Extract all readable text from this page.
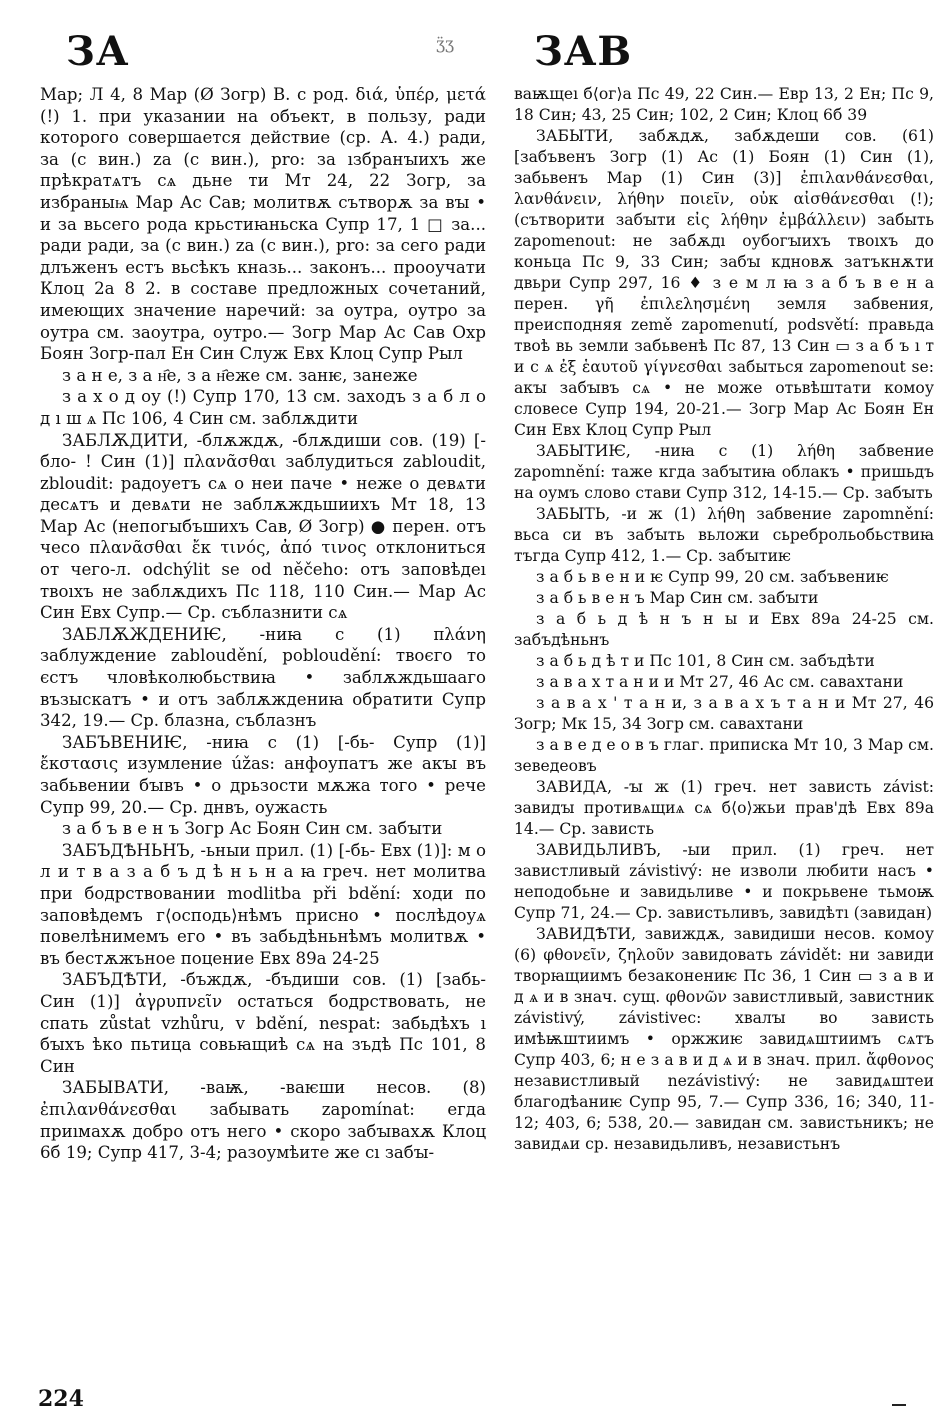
ЗА	ʒ̈ʒ ЗАВ

Мар; Л 4, 8 Мар (Ø Зогр) В. с род. διά, ὑπέρ, μετά (!) 1. при указании на объект, в пользу, ради которого совершается действие (ср. А. 4.) ради, за (с вин.) za (с вин.), pro: за ıзбранꙑихъ же прѣкратѧтъ сѧ дьне ти Мт 24, 22 Зогр, за избраныѩ Мар Ас Сав; молитвѫ сътворѫ за вꙑ • и за вьсего рода крьстиꙗньска Супр 17, 1 □ за... ради ради, за (с вин.) za (с вин.), pro: за сего ради длъженъ естъ вьсѣкъ кназь... законъ... прооучати Клоц 2а 8 2. в составе предложных сочетаний, имеющих значение наречий: за оутра, оутро за оутра см. заоутра, оутро.— Зогр Мар Ас Сав Охр Боян Зогр-пал Ен Син Служ Евх Клоц Супр Рыл

з а н е, з а н҄е, з а н҄еже см. занѥ, занеже

з а х о д оу (!) Супр 170, 13 см. заходъ з а б л о д ı ш ѧ Пс 106, 4 Син см. заблѫдити

ЗАБЛѪДИТИ, -блѫждѫ, -блѫдиши сов. (19) [-бло- ! Син (1)] πλανᾶσθαι заблудиться zabloudit, zbloudit: радоуетъ сѧ о неи паче • неже о девѧти десѧтъ и девѧти не заблѫждьшиихъ Мт 18, 13 Мар Ас (непогыбъшихъ Сав, Ø Зогр) ● перен. отъ чесо πλανᾶσθαι ἔκ τινός, ἀπό τινος отклониться от чего-л. odchýlit se od něčeho: отъ заповѣдеı твоıхъ не заблѫдихъ Пс 118, 110 Син.— Мар Ас Син Евх Супр.— Ср. съблазнити сѧ

ЗАБЛѪЖДЕНИѤ, -ниꙗ с (1) πλάνη заблуждение zabloudění, pobloudění: твоєго то єстъ чловѣколюбьствиꙗ • заблѫждьшааго възыскатъ • и отъ заблѫждениꙗ обратити Супр 342, 19.— Ср. блазна, съблазнъ

ЗАБЪВЕНИѤ, -ниꙗ с (1) [-бь- Супр (1)] ἔκστασις изумление úžas: анфоупатъ же акꙑ въ забьвении бꙑвъ • о дрьзости мѫжа того • рече Супр 99, 20.— Ср. днвъ, оужасть

з а б ъ в е н ъ Зогр Ас Боян Син см. забꙑти

ЗАБЪДѢНЬНЪ, -ьныи прил. (1) [-бь- Евх (1)]: м о л и т в а з а б ъ д ѣ н ь н а ꙗ греч. нет молитва при бодрствовании modlitba při bdění: ходи по заповѣдемъ г⟨осподь⟩нѣмъ присно • послѣдоуѧ повелѣнимемъ его • въ забьдѣньнѣмъ молитвѫ • въ бестѫжъное поцение Евх 89а 24-25

ЗАБЪДѢТИ, -бъждѫ, -бъдиши сов. (1) [забь- Син (1)] ἀγρυπνεῖν остаться бодрствовать, не спать zůstat vzhůru, v bdění, nespat: забьдѣхъ ı бꙑхъ ѣко пьтица совьꙗщиѣ сѧ на зъдѣ Пс 101, 8 Син

ЗАБЫВАТИ, -ваѭ, -ваѥши несов. (8) ἐπιλανθάνεσθαι забывать zapomínat: егда приıмахѫ добро отъ него • скоро забꙑвахѫ Клоц 6б 19; Супр 417, 3-4; разоумѣите же сı забꙑ-

ваѭщеı б⟨ог⟩а Пс 49, 22 Син.— Евр 13, 2 Ен; Пс 9, 18 Син; 43, 25 Син; 102, 2 Син; Клоц 6б 39

ЗАБЫТИ, забѫдѫ, забѫдеши сов. (61) [забъвенъ Зогр (1) Ас (1) Боян (1) Син (1), забьвенъ Мар (1) Син (3)] ἐπιλανθάνεσθαι, λανθάνειν, λήθην ποιεῖν, οὐκ αἰσθάνεσθαι (!); (сътворити забꙑти εἰς λήθην ἐμβάλλειν) забыть zapomenout: не забѫдı оубогꙑихъ твоıхъ до коньца Пс 9, 33 Син; забꙑ кдновѫ затъкнѫти двьри Супр 297, 16 ♦ з е м л ꙗ з а б ъ в е н а перен. γῆ ἐπιλελησμένη земля забвения, преисподняя země zapomenutí, podsvětí: правьда твоѣ вь земли забьвенѣ Пс 87, 13 Син ▭ з а б ъ ı т и с ѧ ἐξ ἑαυτοῦ γίγνεσθαι забыться zapomenout se: акꙑ забꙑвъ сѧ • не може отьвѣштати комоу словесе Супр 194, 20-21.— Зогр Мар Ас Боян Ен Син Евх Клоц Супр Рыл

ЗАБЫТИѤ, -ниꙗ с (1) λήθη забвение zapomnění: таже кгда забꙑтиꙗ облакъ • пришьдъ на оумъ слово стави Супр 312, 14-15.— Ср. забꙑть

ЗАБЫТЬ, -и ж (1) λήθη забвение zapomnění: вьса си въ забꙑть вьложи сьреброльобьствиꙗ тъгда Супр 412, 1.— Ср. забꙑтиѥ

з а б ь в е н и ѥ Супр 99, 20 см. забъвениѥ

з а б ь в е н ъ Мар Син см. забꙑти

з а б ь д ѣ н ъ н ы и Евх 89а 24-25 см. забъдѣньнъ

з а б ь д ѣ т и Пс 101, 8 Син см. забъдѣти

з а в а х т а н и и Мт 27, 46 Ас см. савахтани

з а в а х ' т а н и, з а в а х ъ т а н и Мт 27, 46 Зогр; Мк 15, 34 Зогр см. савахтани

з а в е д е о в ъ глаг. приписка Мт 10, 3 Мар см. зеведеовъ

ЗАВИДА, -ꙑ ж (1) греч. нет зависть závist: завидꙑ противѧщиѧ сѧ б⟨о⟩жьи прав'дѣ Евх 89а 14.— Ср. зависть

ЗАВИДЬЛИВЪ, -ыи прил. (1) греч. нет завистливый závistivý: не изволи любити насъ • неподобьне и завидьливе • и покрьвене тьмоѭ Супр 71, 24.— Ср. завистьливъ, завидѣтı (завидан)

ЗАВИДѢТИ, завиждѫ, завидиши несов. комоу (6) φθονεῖν, ζηλοῦν завидовать závidět: ни завиди творꙗщиимъ безаконениѥ Пс 36, 1 Син ▭ з а в и д ѧ и в знач. сущ. φθονῶν завистливый, завистник závistivý, závistivec: хвалꙑ во зависть имѣѭштиимъ • оржжиѥ завидѧштиимъ сѧтъ Супр 403, 6; н е з а в и д ѧ и в знач. прил. ἄφθονος независтливый nezávistivý: не завидѧштеи благодѣаниѥ Супр 95, 7.— Супр 336, 16; 340, 11-12; 403, 6; 538, 20.— завидан см. завистьникъ; не завидѧи ср. незавидьливъ, независтьнъ

224
